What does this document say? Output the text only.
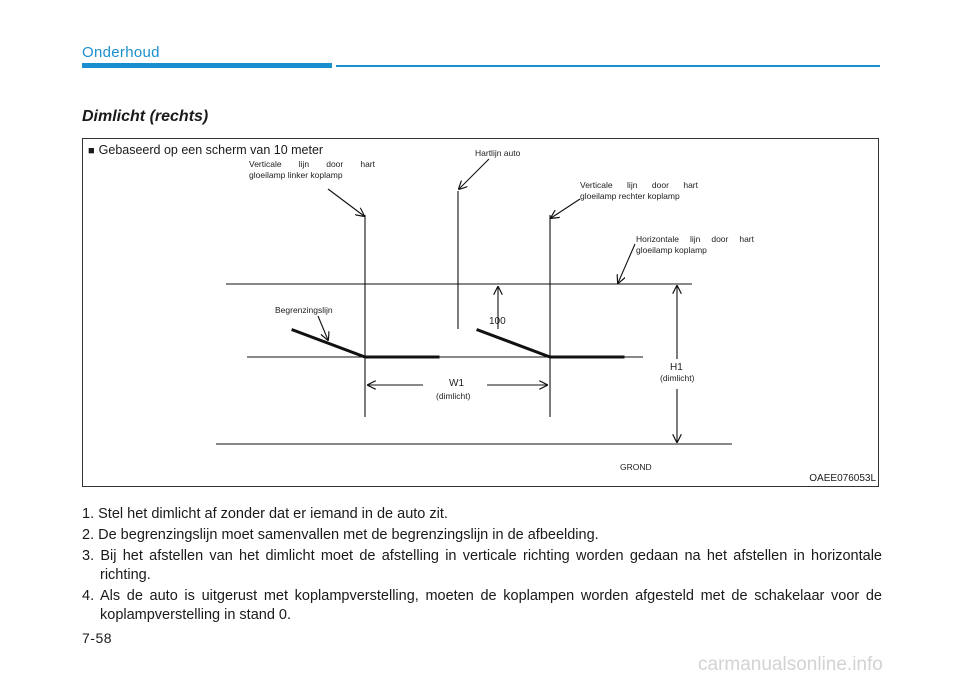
Onderhoud
Dimlicht (rechts)
■ Gebaseerd op een scherm van 10 meter
Verticale lijn door hart
gloeilamp linker koplamp
Hartlijn auto
Verticale lijn door hart
gloeilamp rechter koplamp
Horizontale lijn door hart
gloeilamp koplamp
Begrenzingslijn
100
W1
(dimlicht)
H1
(dimlicht)
GROND
OAEE076053L
1. Stel het dimlicht af zonder dat er iemand in de auto zit.
2. De begrenzingslijn moet samenvallen met de begrenzingslijn in de afbeelding.
3. Bij het afstellen van het dimlicht moet de afstelling in verticale richting worden gedaan na het afstellen in horizontale richting.
4. Als de auto is uitgerust met koplampverstelling, moeten de koplampen worden afgesteld met de schakelaar voor de koplampverstelling in stand 0.
7-58
carmanualsonline.info
